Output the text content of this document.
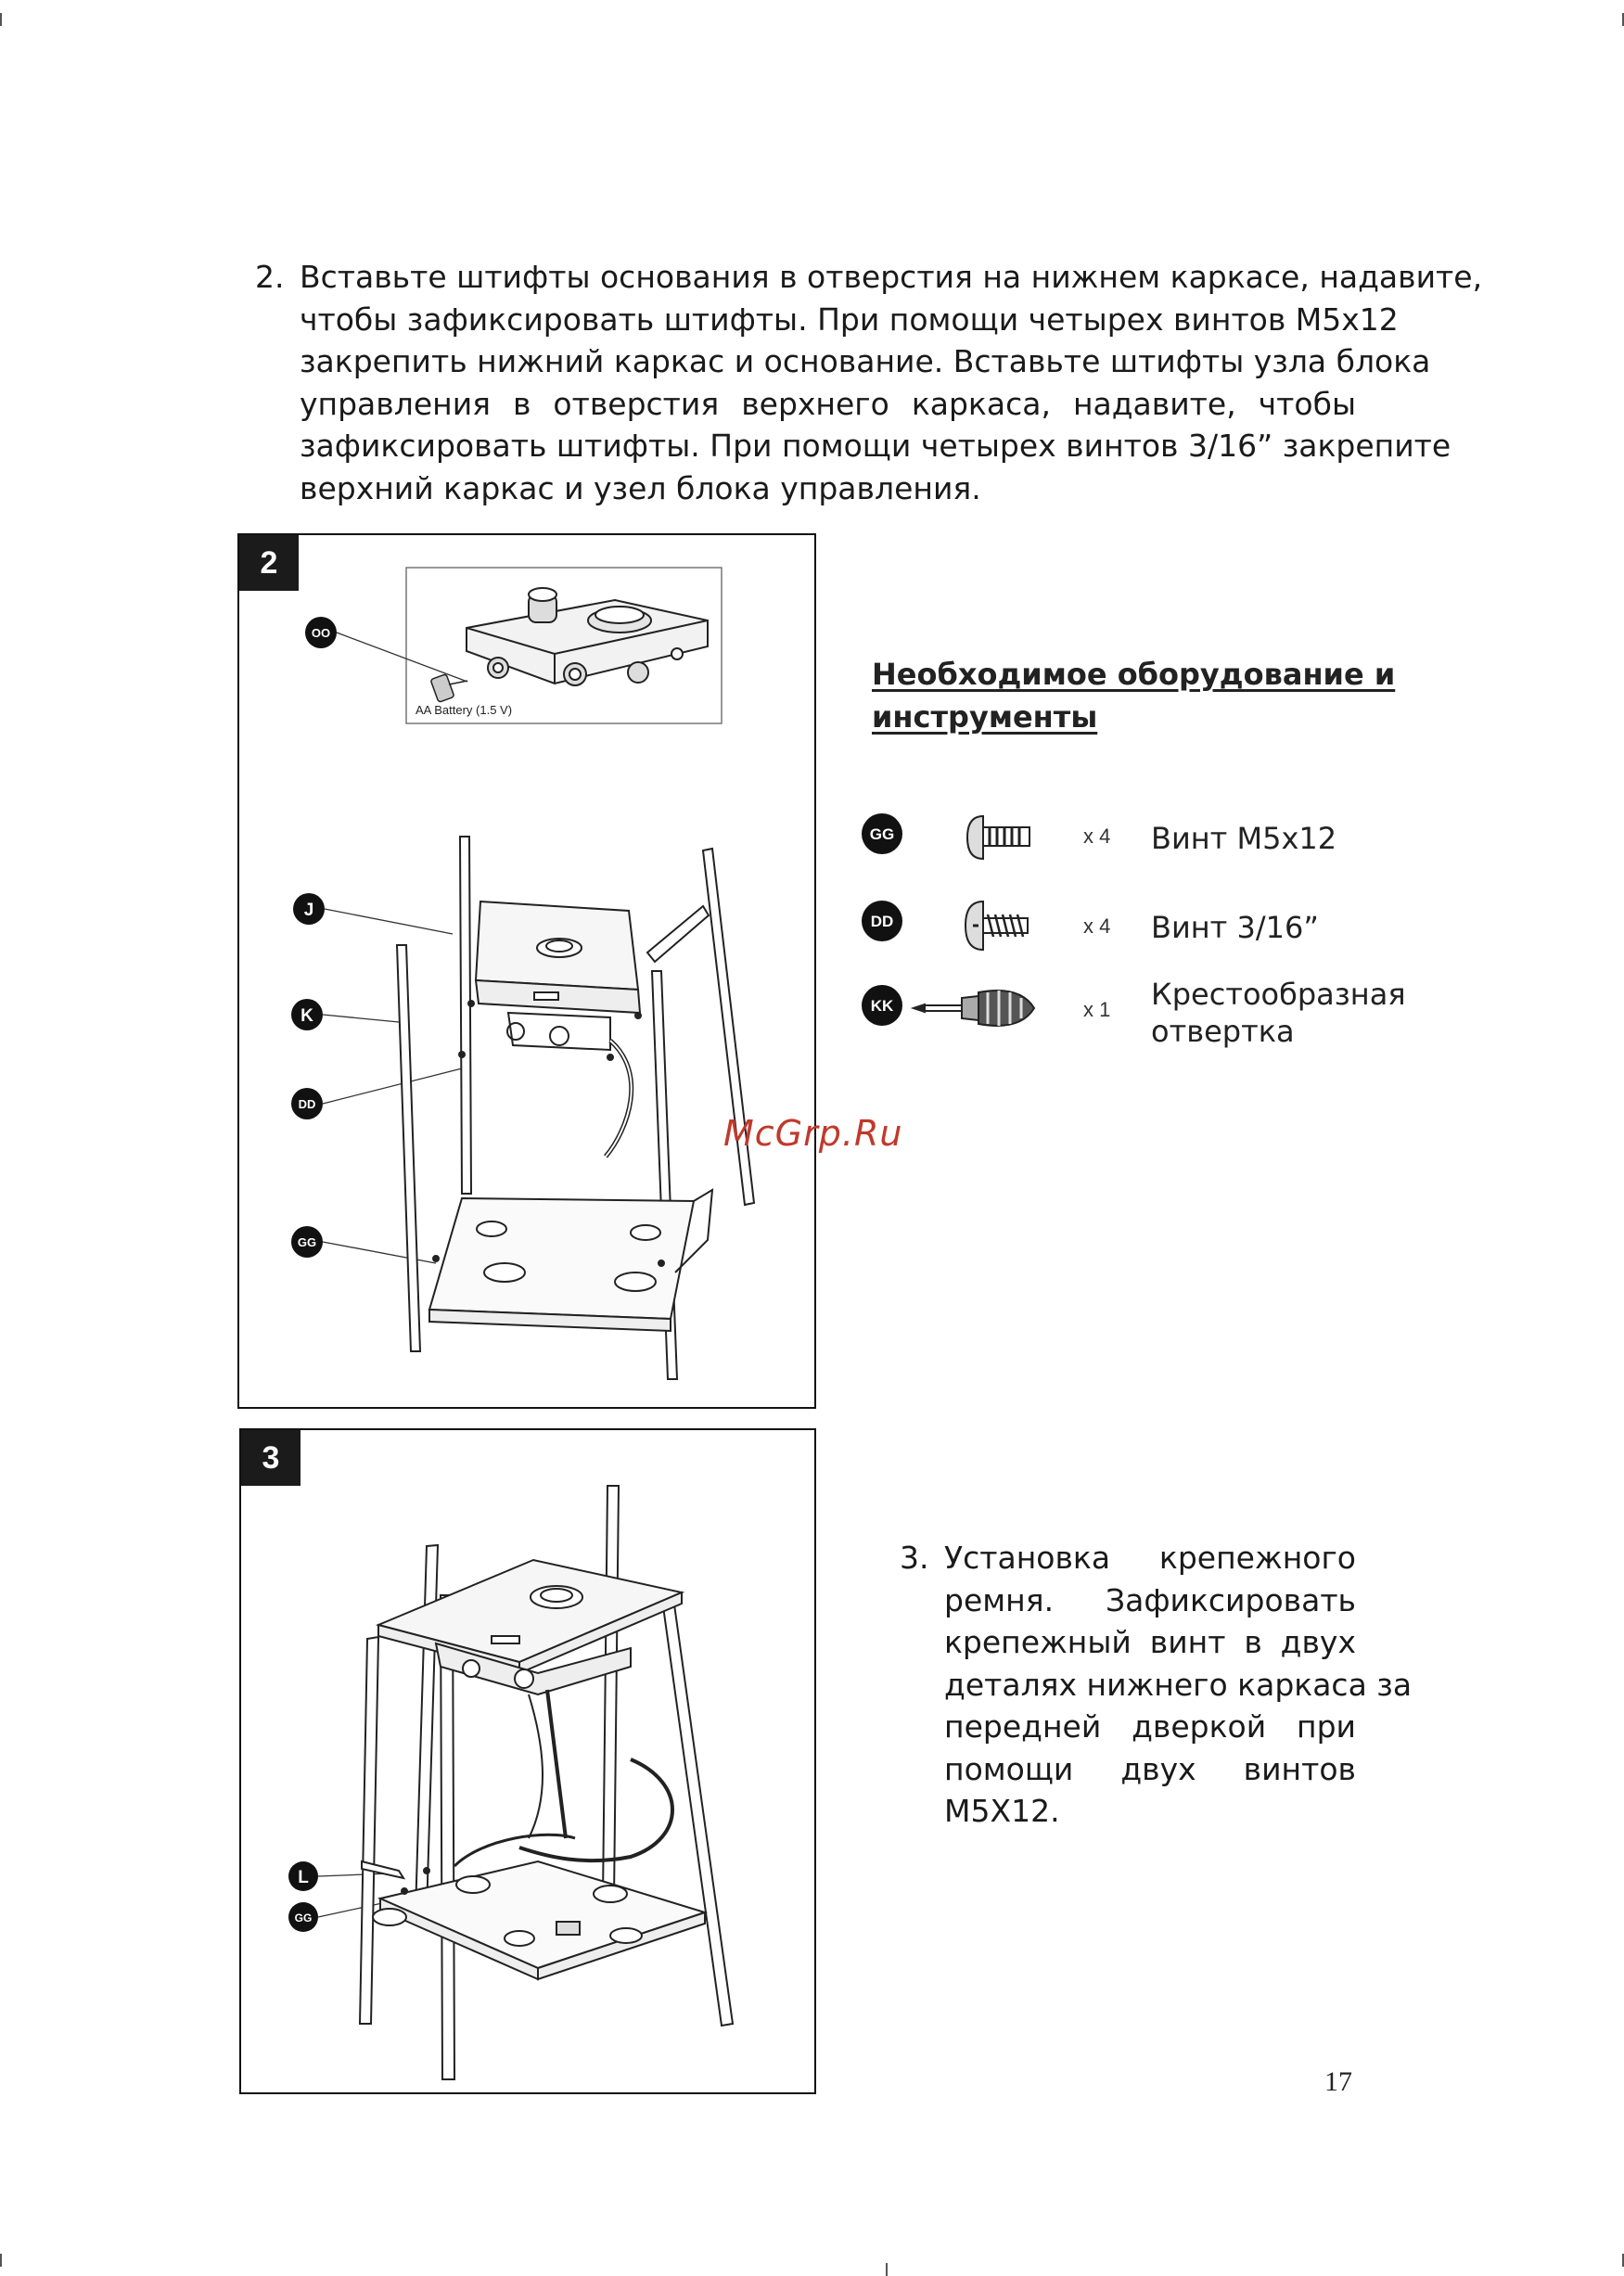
2. Вставьте штифты основания в отверстия на нижнем каркасе, надавите,
чтобы зафиксировать штифты. При помощи четырех винтов М5х12
закрепить нижний каркас и основание. Вставьте штифты узла блока
управления в отверстия верхнего каркаса, надавите, чтобы
зафиксировать штифты. При помощи четырех винтов 3/16” закрепите
верхний каркас и узел блока управления.
2
AA Battery (1.5 V)
OO
J
K
DD
GG
Необходимое оборудование и
инструменты
GG	x 4 Винт М5х12
DD	x 4 Винт 3/16”
KK	x 1 Крестообразная
отвертка
McGrp.Ru
3
L
GG
3. Установка крепежного
ремня. Зафиксировать
крепежный винт в двух
деталях нижнего каркаса за
передней дверкой при
помощи двух винтов
M5X12.
17
